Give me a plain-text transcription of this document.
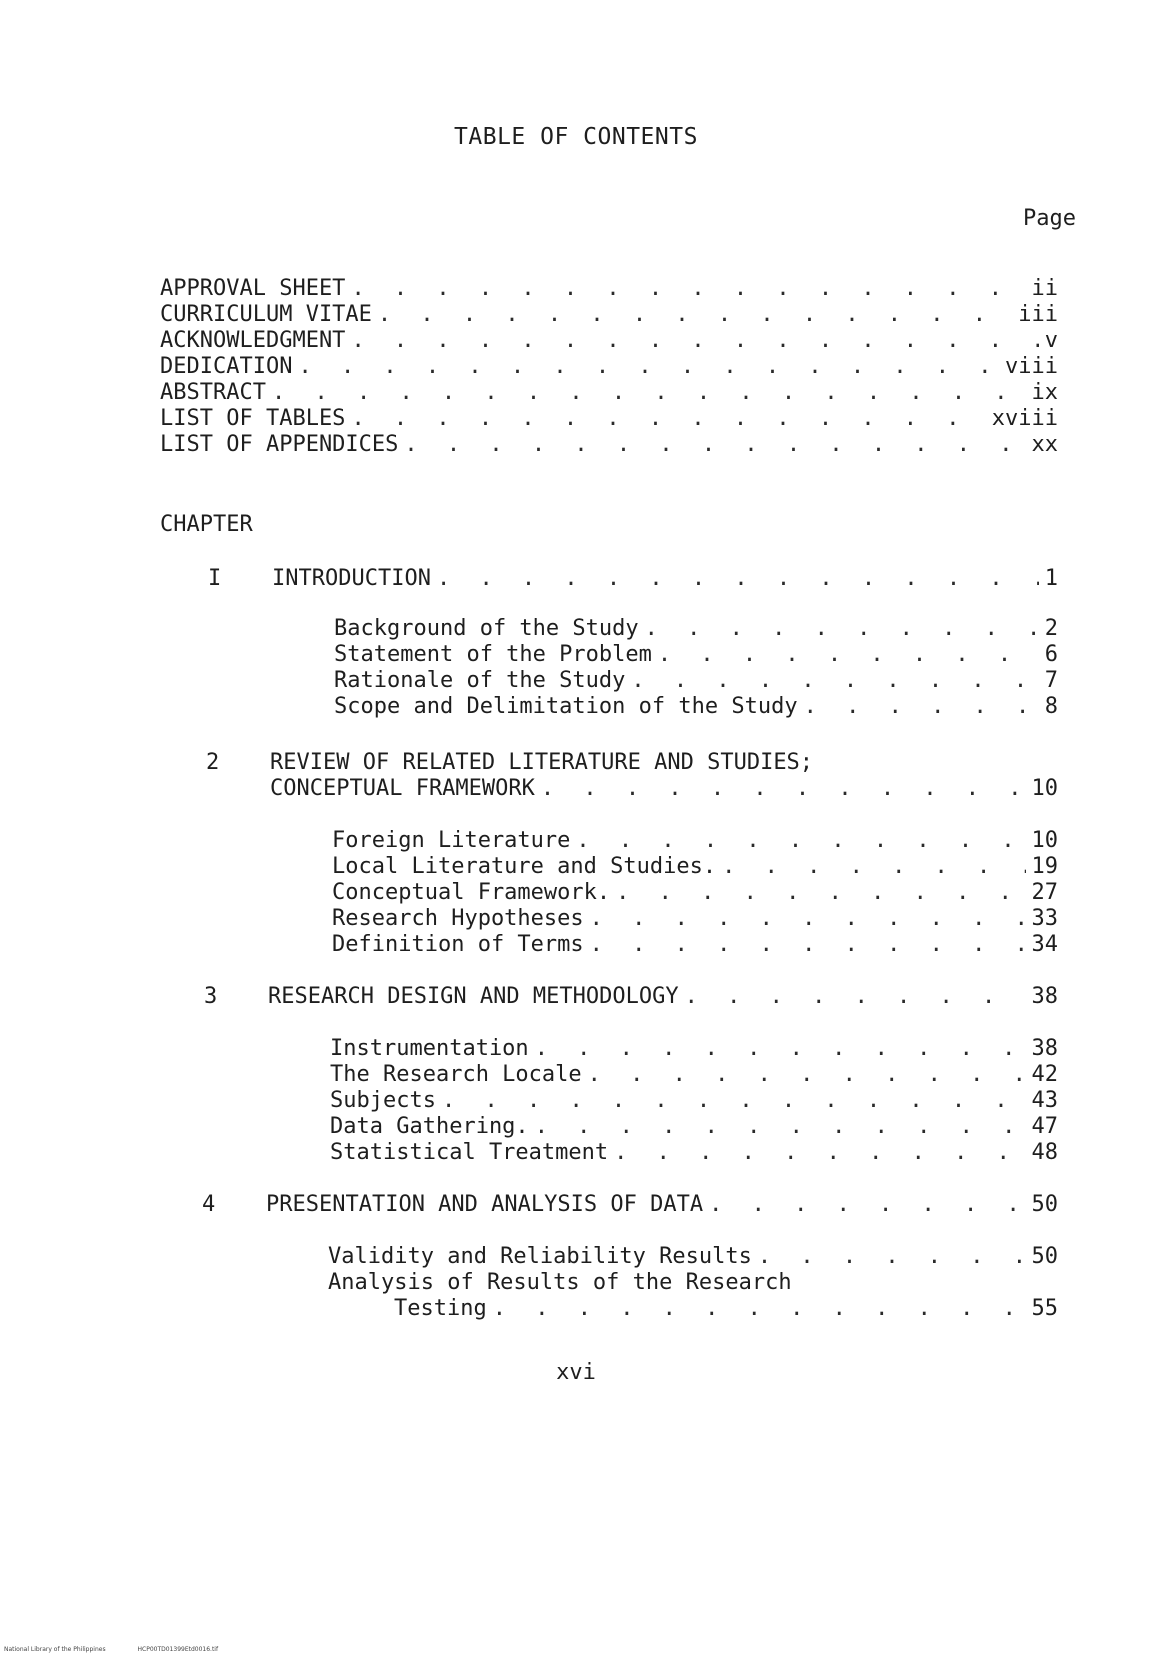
TABLE OF CONTENTS
Page
APPROVAL SHEET . . .	ii
CURRICULUM VITAE . . .	iii
ACKNOWLEDGMENT . . .	v
DEDICATION . . .	viii
ABSTRACT . . .	ix
LIST OF TABLES . . .	xviii
LIST OF APPENDICES . . .	xx
CHAPTER
I INTRODUCTION . . .	1
Background of the Study . . .	2
Statement of the Problem . . .	6
Rationale of the Study . . .	7
Scope and Delimitation of the Study . . .	8
2 REVIEW OF RELATED LITERATURE AND STUDIES;
CONCEPTUAL FRAMEWORK . . .	10
Foreign Literature . . .	10
Local Literature and Studies. . . .	19
Conceptual Framework. . . .	27
Research Hypotheses . . .	33
Definition of Terms . . .	34
3 RESEARCH DESIGN AND METHODOLOGY . . .	38
Instrumentation . . .	38
The Research Locale . . .	42
Subjects . . .	43
Data Gathering. . . .	47
Statistical Treatment . . .	48
4 PRESENTATION AND ANALYSIS OF DATA . . .	50
Validity and Reliability Results . . .	50
Analysis of Results of the Research
Testing . . .	55
xvi
National Library of the Philippines	HCP00TD01399Etd0016.tif
